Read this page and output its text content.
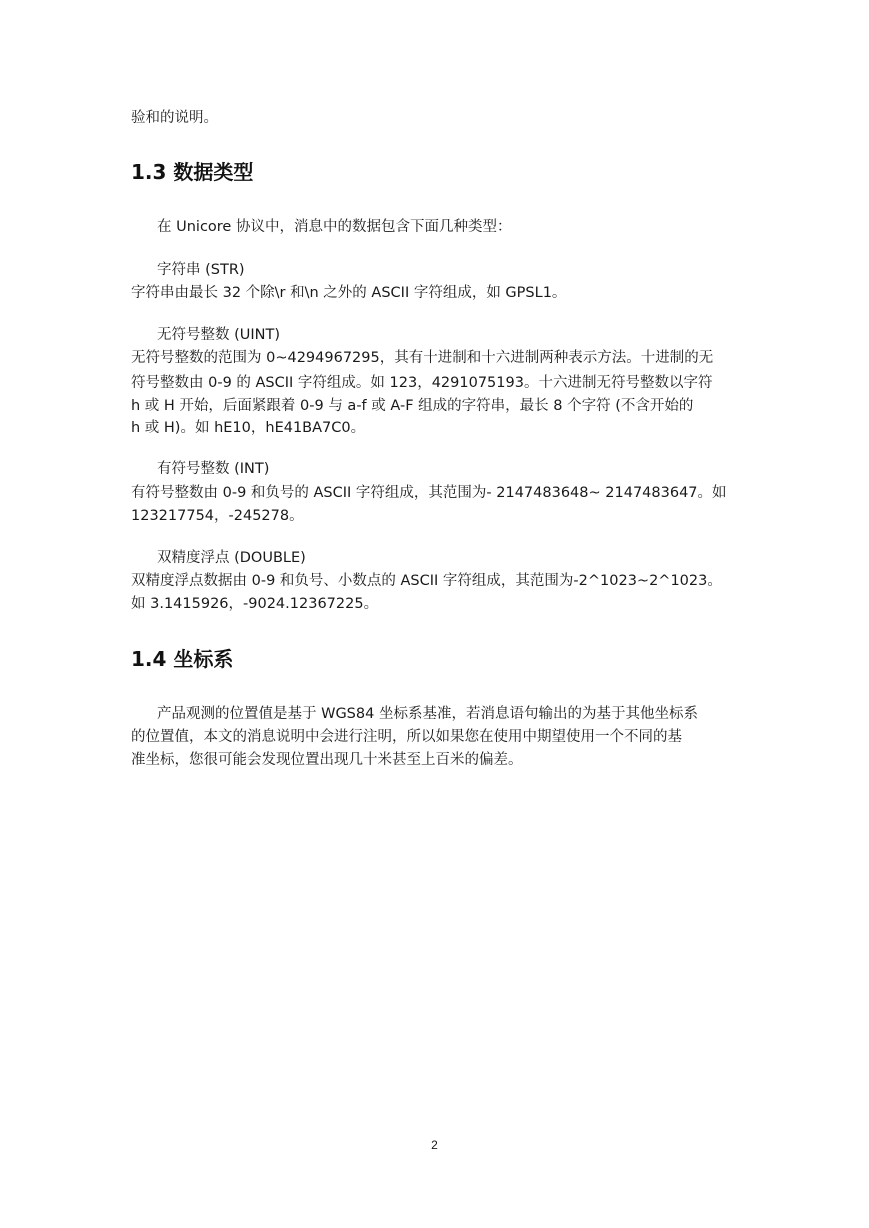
验和的说明。
1.3 数据类型
在 Unicore 协议中，消息中的数据包含下面几种类型：
字符串 (STR)
字符串由最长 32 个除\r 和\n 之外的 ASCII 字符组成，如 GPSL1。
无符号整数 (UINT)
无符号整数的范围为 0~4294967295，其有十进制和十六进制两种表示方法。十进制的无
符号整数由 0-9 的 ASCII 字符组成。如 123，4291075193。十六进制无符号整数以字符
h 或 H 开始，后面紧跟着 0-9 与 a-f 或 A-F 组成的字符串，最长 8 个字符 (不含开始的
h 或 H)。如 hE10，hE41BA7C0。
有符号整数 (INT)
有符号整数由 0-9 和负号的 ASCII 字符组成，其范围为- 2147483648~ 2147483647。如
123217754，-245278。
双精度浮点 (DOUBLE)
双精度浮点数据由 0-9 和负号、小数点的 ASCII 字符组成，其范围为-2^1023~2^1023。
如 3.1415926，-9024.12367225。
1.4 坐标系
产品观测的位置值是基于 WGS84 坐标系基准，若消息语句输出的为基于其他坐标系
的位置值，本文的消息说明中会进行注明，所以如果您在使用中期望使用一个不同的基
准坐标，您很可能会发现位置出现几十米甚至上百米的偏差。
2
